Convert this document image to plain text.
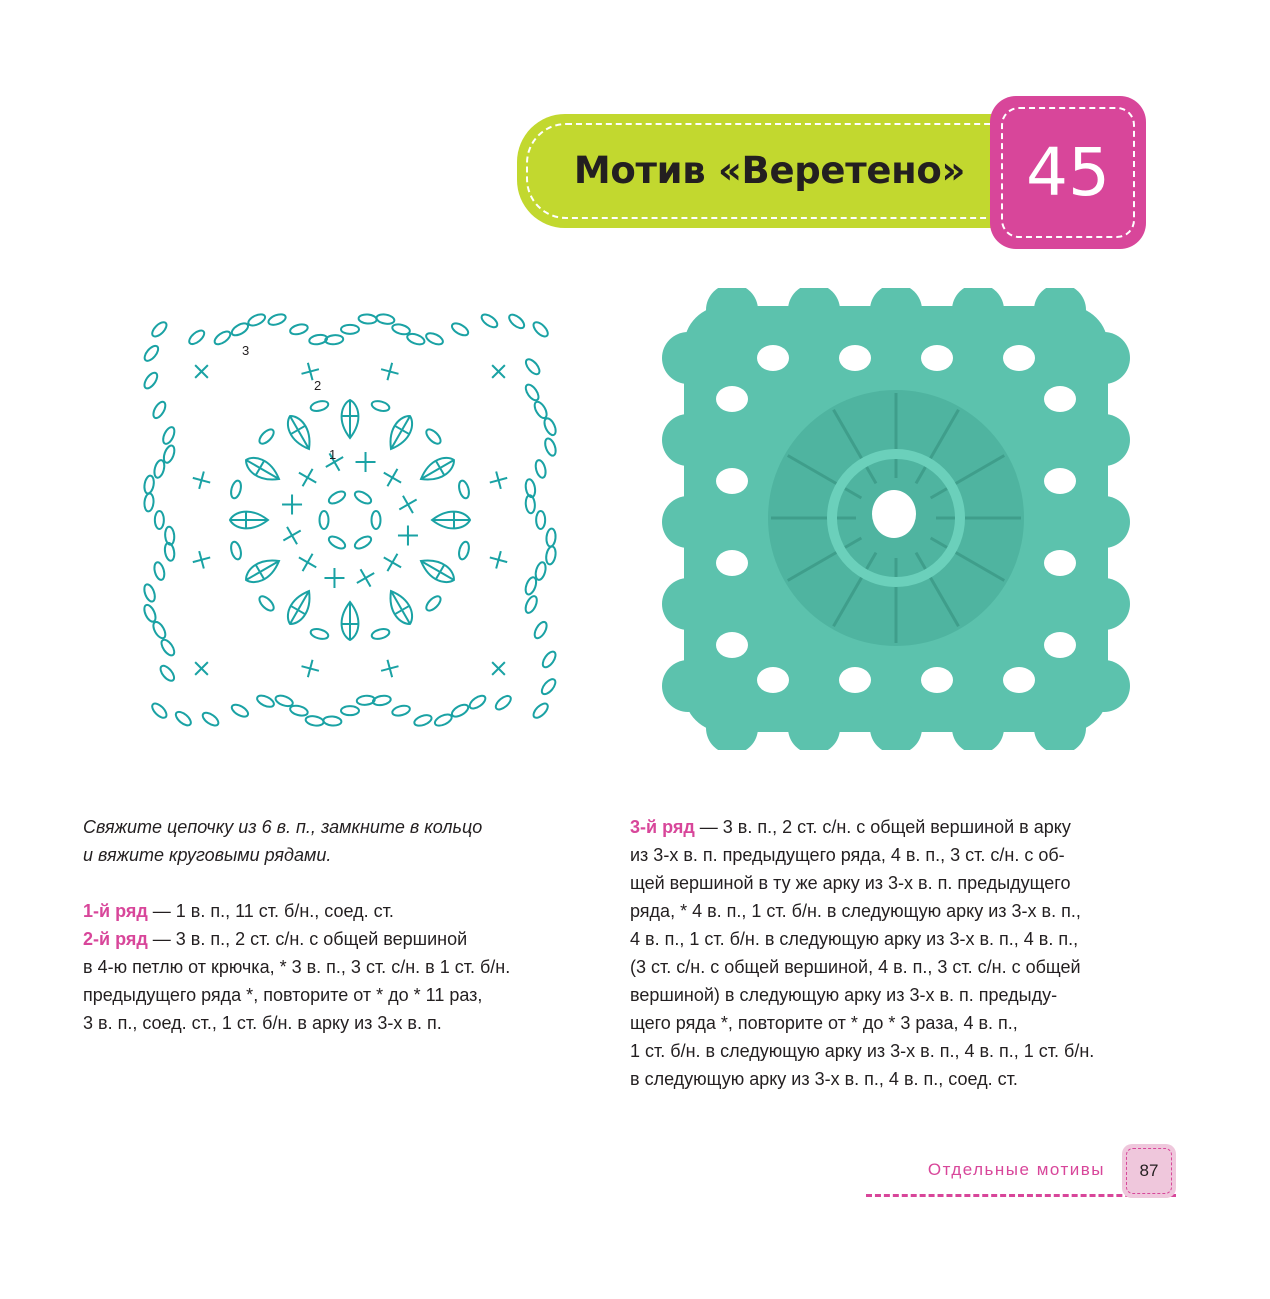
Мотив «Веретено» 45
1
2
3
Свяжите цепочку из 6 в. п., замкните в кольцо
и вяжите круговыми рядами.
1-й ряд — 1 в. п., 11 ст. б/н., соед. ст.
2-й ряд — 3 в. п., 2 ст. с/н. с общей вершиной
в 4-ю петлю от крючка, * 3 в. п., 3 ст. с/н. в 1 ст. б/н.
предыдущего ряда *, повторите от * до * 11 раз,
3 в. п., соед. ст., 1 ст. б/н. в арку из 3-х в. п.
3-й ряд — 3 в. п., 2 ст. с/н. с общей вершиной в арку
из 3-х в. п. предыдущего ряда, 4 в. п., 3 ст. с/н. с об-
щей вершиной в ту же арку из 3-х в. п. предыдущего
ряда, * 4 в. п., 1 ст. б/н. в следующую арку из 3-х в. п.,
4 в. п., 1 ст. б/н. в следующую арку из 3-х в. п., 4 в. п.,
(3 ст. с/н. с общей вершиной, 4 в. п., 3 ст. с/н. с общей
вершиной) в следующую арку из 3-х в. п. предыду-
щего ряда *, повторите от * до * 3 раза, 4 в. п.,
1 ст. б/н. в следующую арку из 3-х в. п., 4 в. п., 1 ст. б/н.
в следующую арку из 3-х в. п., 4 в. п., соед. ст.
Отдельные мотивы	87
